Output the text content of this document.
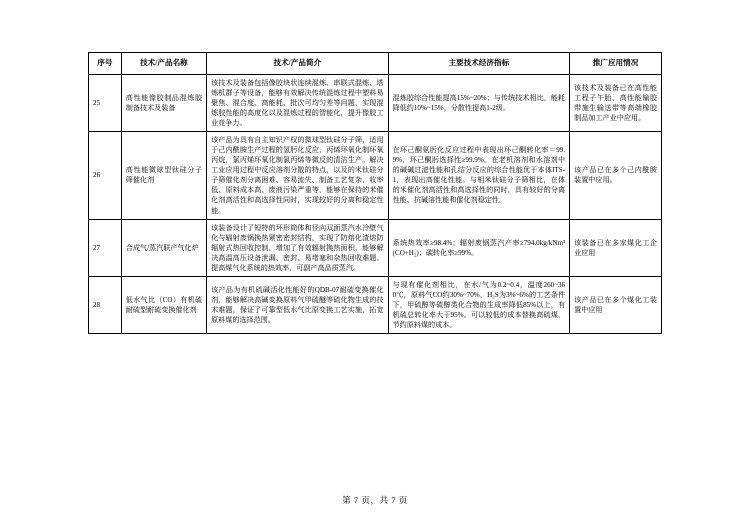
序号	技术/产品名称	技术/产品简介	主要技术经济指标	推广应用情况
25	高性能像胶制品混炼胶制备技术及装备	该技术及装备包括像胶块状连续混炼、串联式混炼、塔炼机群子等设备，能够有效解决传统混炼过程中塑料易聚焦、混合度、高能耗、批次可均匀差等问题，实现混炼胶性能的高度化以及混炼过程的智能化，提升像胶工业竞争力。	混炼胶综合性能提高15%~20%；与传统技术相比，能耗降低约10%~15%，分散性提高1-2级。	该技术及装备已在高性能工程子午胎、高性能输胶带施生输送带等高端橡胶制品加工产业中应用。
26	高性能微球型钛硅分子筛催化剂	该产品为具有自主知识产权的微球型钛硅分子筛，适用于己内酰胺生产过程的氢肟化反应、丙烯环氧化制环氧丙烷，氯丙烯环氧化制氯丙烯等微反的清洁生产。解决工业应用过程中反应溶剂分散的特点，以及的米钛硅分子筛催化剂分离困难、容易流失、制备工艺复杂、收率低、原料成本高、废液污染严重等，能够在保持的米催化剂高活性和高选择性同时，实现较好的分离和稳定性能。	在环己酮氨肟化反应过程中表现出环己酮转化率＝99.9%，环己酮肟选择性≥99.9%。在老机溶剂和水溶剂中的碱碱过滤性能和孔结分反应的综合性能优于本体ITS-1，表现出高催化性能。与相米钛硅分子筛相比，在体的米催化剂高活性和高选择性的同时，具有较好的分离性能、抗碱溶性能和催化剂稳定性。	该产品已在多个己内酰胺装置中应用。
27	合成气/蒸汽联产气化炉	该装备设计了短特的环形筒体和径向双面蒸汽水冷壁气化与辐射废锅换热紧密密封结构，实现了防熔化渣熔防辐射式热回收控制，增加了有效辐射换热面积，能够解决高温高压设备泄漏、密封、易堵塞和杂热回收难题。提高煤气化系统的热效率，可副产高品质蒸汽。	系统热效率≥98.4%；辐射废锅蒸汽产率≥794.0kg/kNm³(CO+H₂)；碳转化率≥99%。	该装备已在多家煤化工企业应用
28	低水气比（CO）有机硫耐硫型耐硫变换催化剂	该产品为有机硫碱活化性能好的QDB-07耐硫变换催化剂，能够解决高碱变换原料气甲硫醚等硫化物生成的技术难题，保证了可靠型低水气比原变换工艺实施，拓宽原料煤的选择范围。	与现有催化剂相比，在水/气为0.2~0.4，温度260~360℃，原料气CO约30%~70%，H₂S为3%~6%的工艺条件下，甲硫醇等硫醇类化合物的生成率降低85%以上，有机硫总转化率大于95%。可以较低的成本替换高硫煤，节约原料煤的成本。	该产品已在多个煤化工装置中应用
第 7 页，共 7 页
